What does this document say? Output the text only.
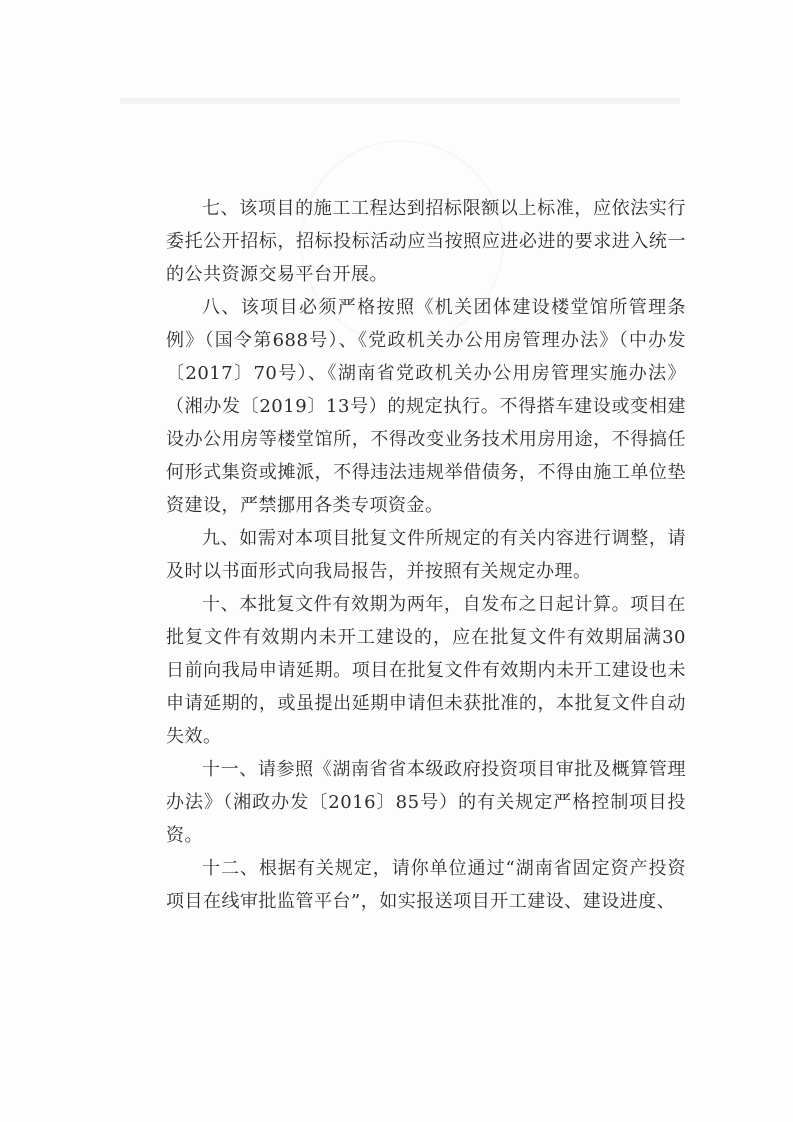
七、该项目的施工工程达到招标限额以上标准，应依法实行委托公开招标，招标投标活动应当按照应进必进的要求进入统一的公共资源交易平台开展。

八、该项目必须严格按照《机关团体建设楼堂馆所管理条例》（国令第688号）、《党政机关办公用房管理办法》（中办发〔2017〕70号）、《湖南省党政机关办公用房管理实施办法》（湘办发〔2019〕13号）的规定执行。不得搭车建设或变相建设办公用房等楼堂馆所，不得改变业务技术用房用途，不得搞任何形式集资或摊派，不得违法违规举借债务，不得由施工单位垫资建设，严禁挪用各类专项资金。

九、如需对本项目批复文件所规定的有关内容进行调整，请及时以书面形式向我局报告，并按照有关规定办理。

十、本批复文件有效期为两年，自发布之日起计算。项目在批复文件有效期内未开工建设的，应在批复文件有效期届满30日前向我局申请延期。项目在批复文件有效期内未开工建设也未申请延期的，或虽提出延期申请但未获批准的，本批复文件自动失效。

十一、请参照《湖南省省本级政府投资项目审批及概算管理办法》（湘政办发〔2016〕85号）的有关规定严格控制项目投资。

十二、根据有关规定，请你单位通过“湖南省固定资产投资项目在线审批监管平台”，如实报送项目开工建设、建设进度、
